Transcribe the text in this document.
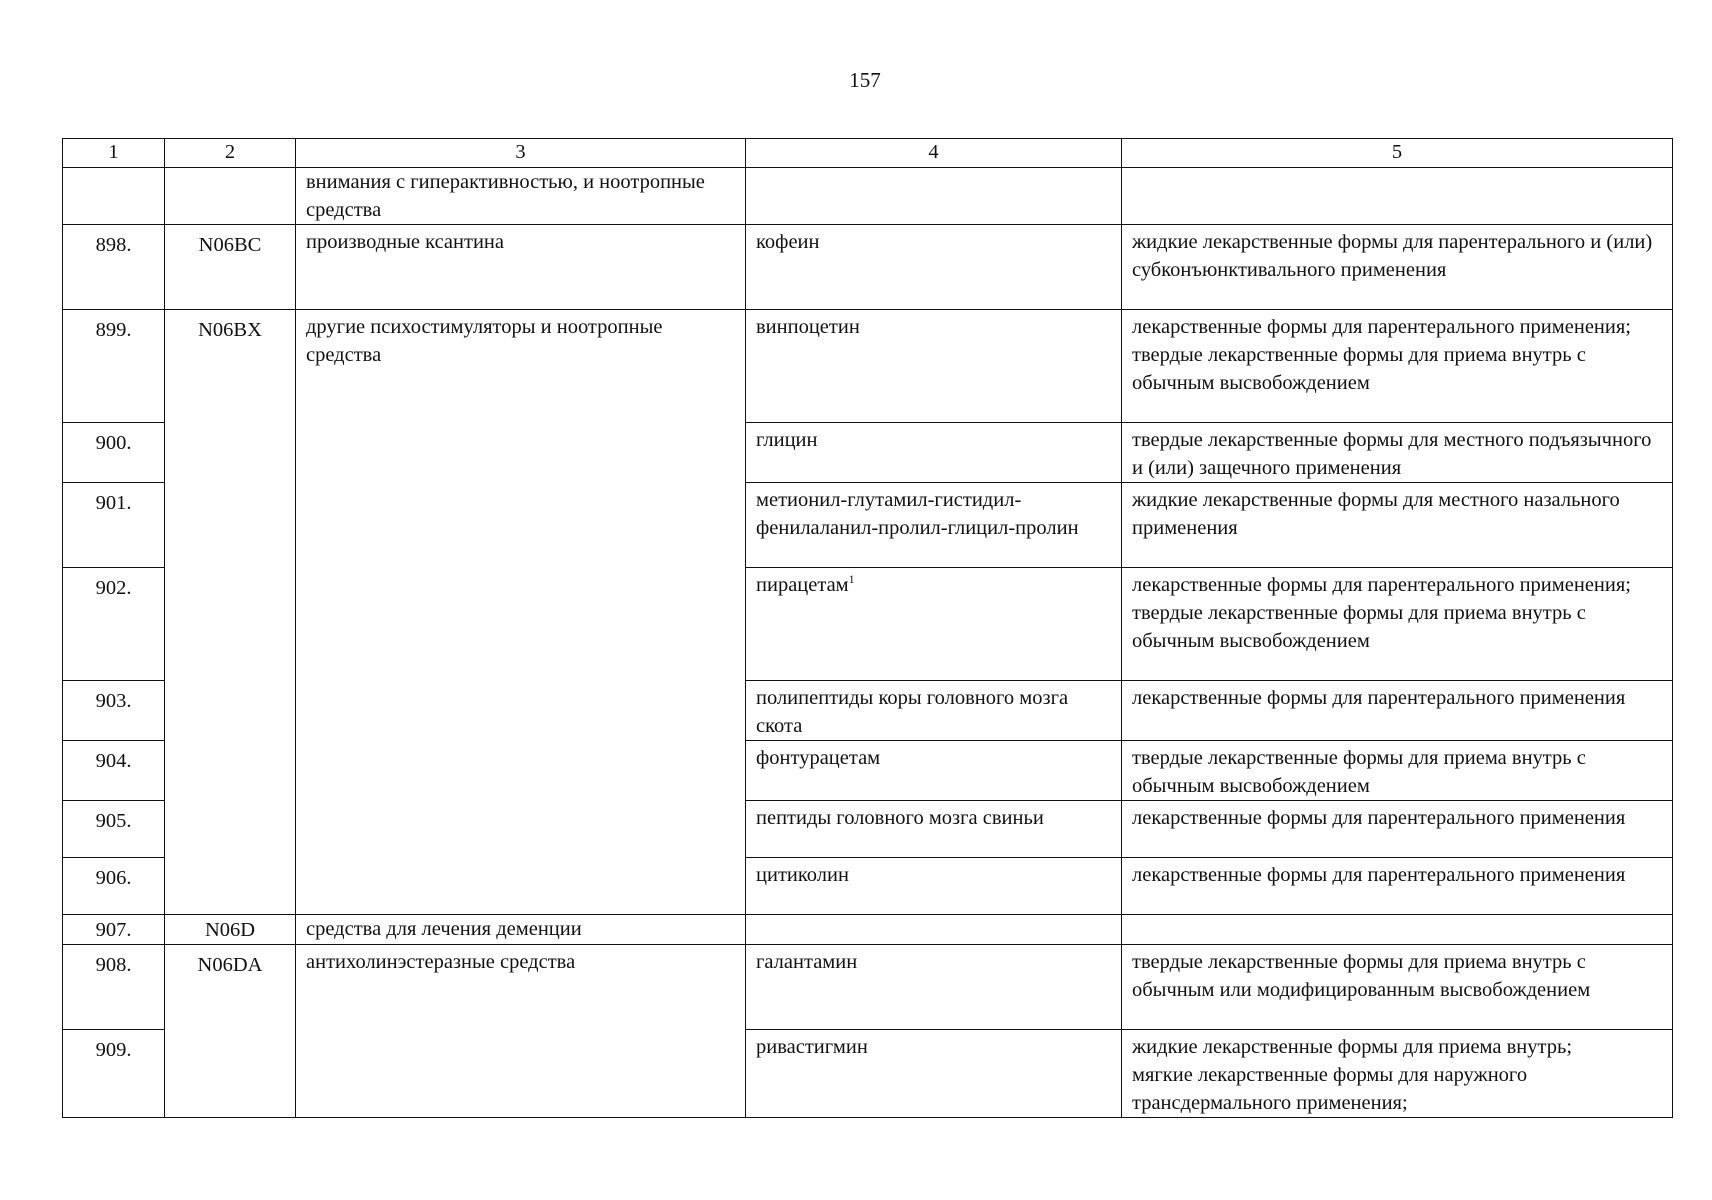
157
1	2	3	4	5
		внимания с гиперактивностью, и ноотропные средства		
898.	N06BC	производные ксантина	кофеин	жидкие лекарственные формы для парентерального и (или) субконъюнктивального применения
899.	N06BX	другие психостимуляторы и ноотропные средства	винпоцетин	лекарственные формы для парентерального применения;
твердые лекарственные формы для приема внутрь с обычным высвобождением

900.			глицин	твердые лекарственные формы для местного подъязычного и (или) защечного применения
901.			метионил-глутамил-гистидил-фенилаланил-пролил-глицил-пролин	жидкие лекарственные формы для местного назального применения
902.			пирацетам$^1$	лекарственные формы для парентерального применения;
твердые лекарственные формы для приема внутрь с обычным высвобождением

903.			полипептиды коры головного мозга скота	лекарственные формы для парентерального применения
904.			фонтурацетам	твердые лекарственные формы для приема внутрь с обычным высвобождением
905.			пептиды головного мозга свиньи	лекарственные формы для парентерального применения
906.			цитиколин	лекарственные формы для парентерального применения
907.	N06D	средства для лечения деменции		
908.	N06DA	антихолинэстеразные средства	галантамин	твердые лекарственные формы для приема внутрь с обычным или модифицированным высвобождением
909.			ривастигмин	жидкие лекарственные формы для приема внутрь;
мягкие лекарственные формы для наружного трансдермального применения;
